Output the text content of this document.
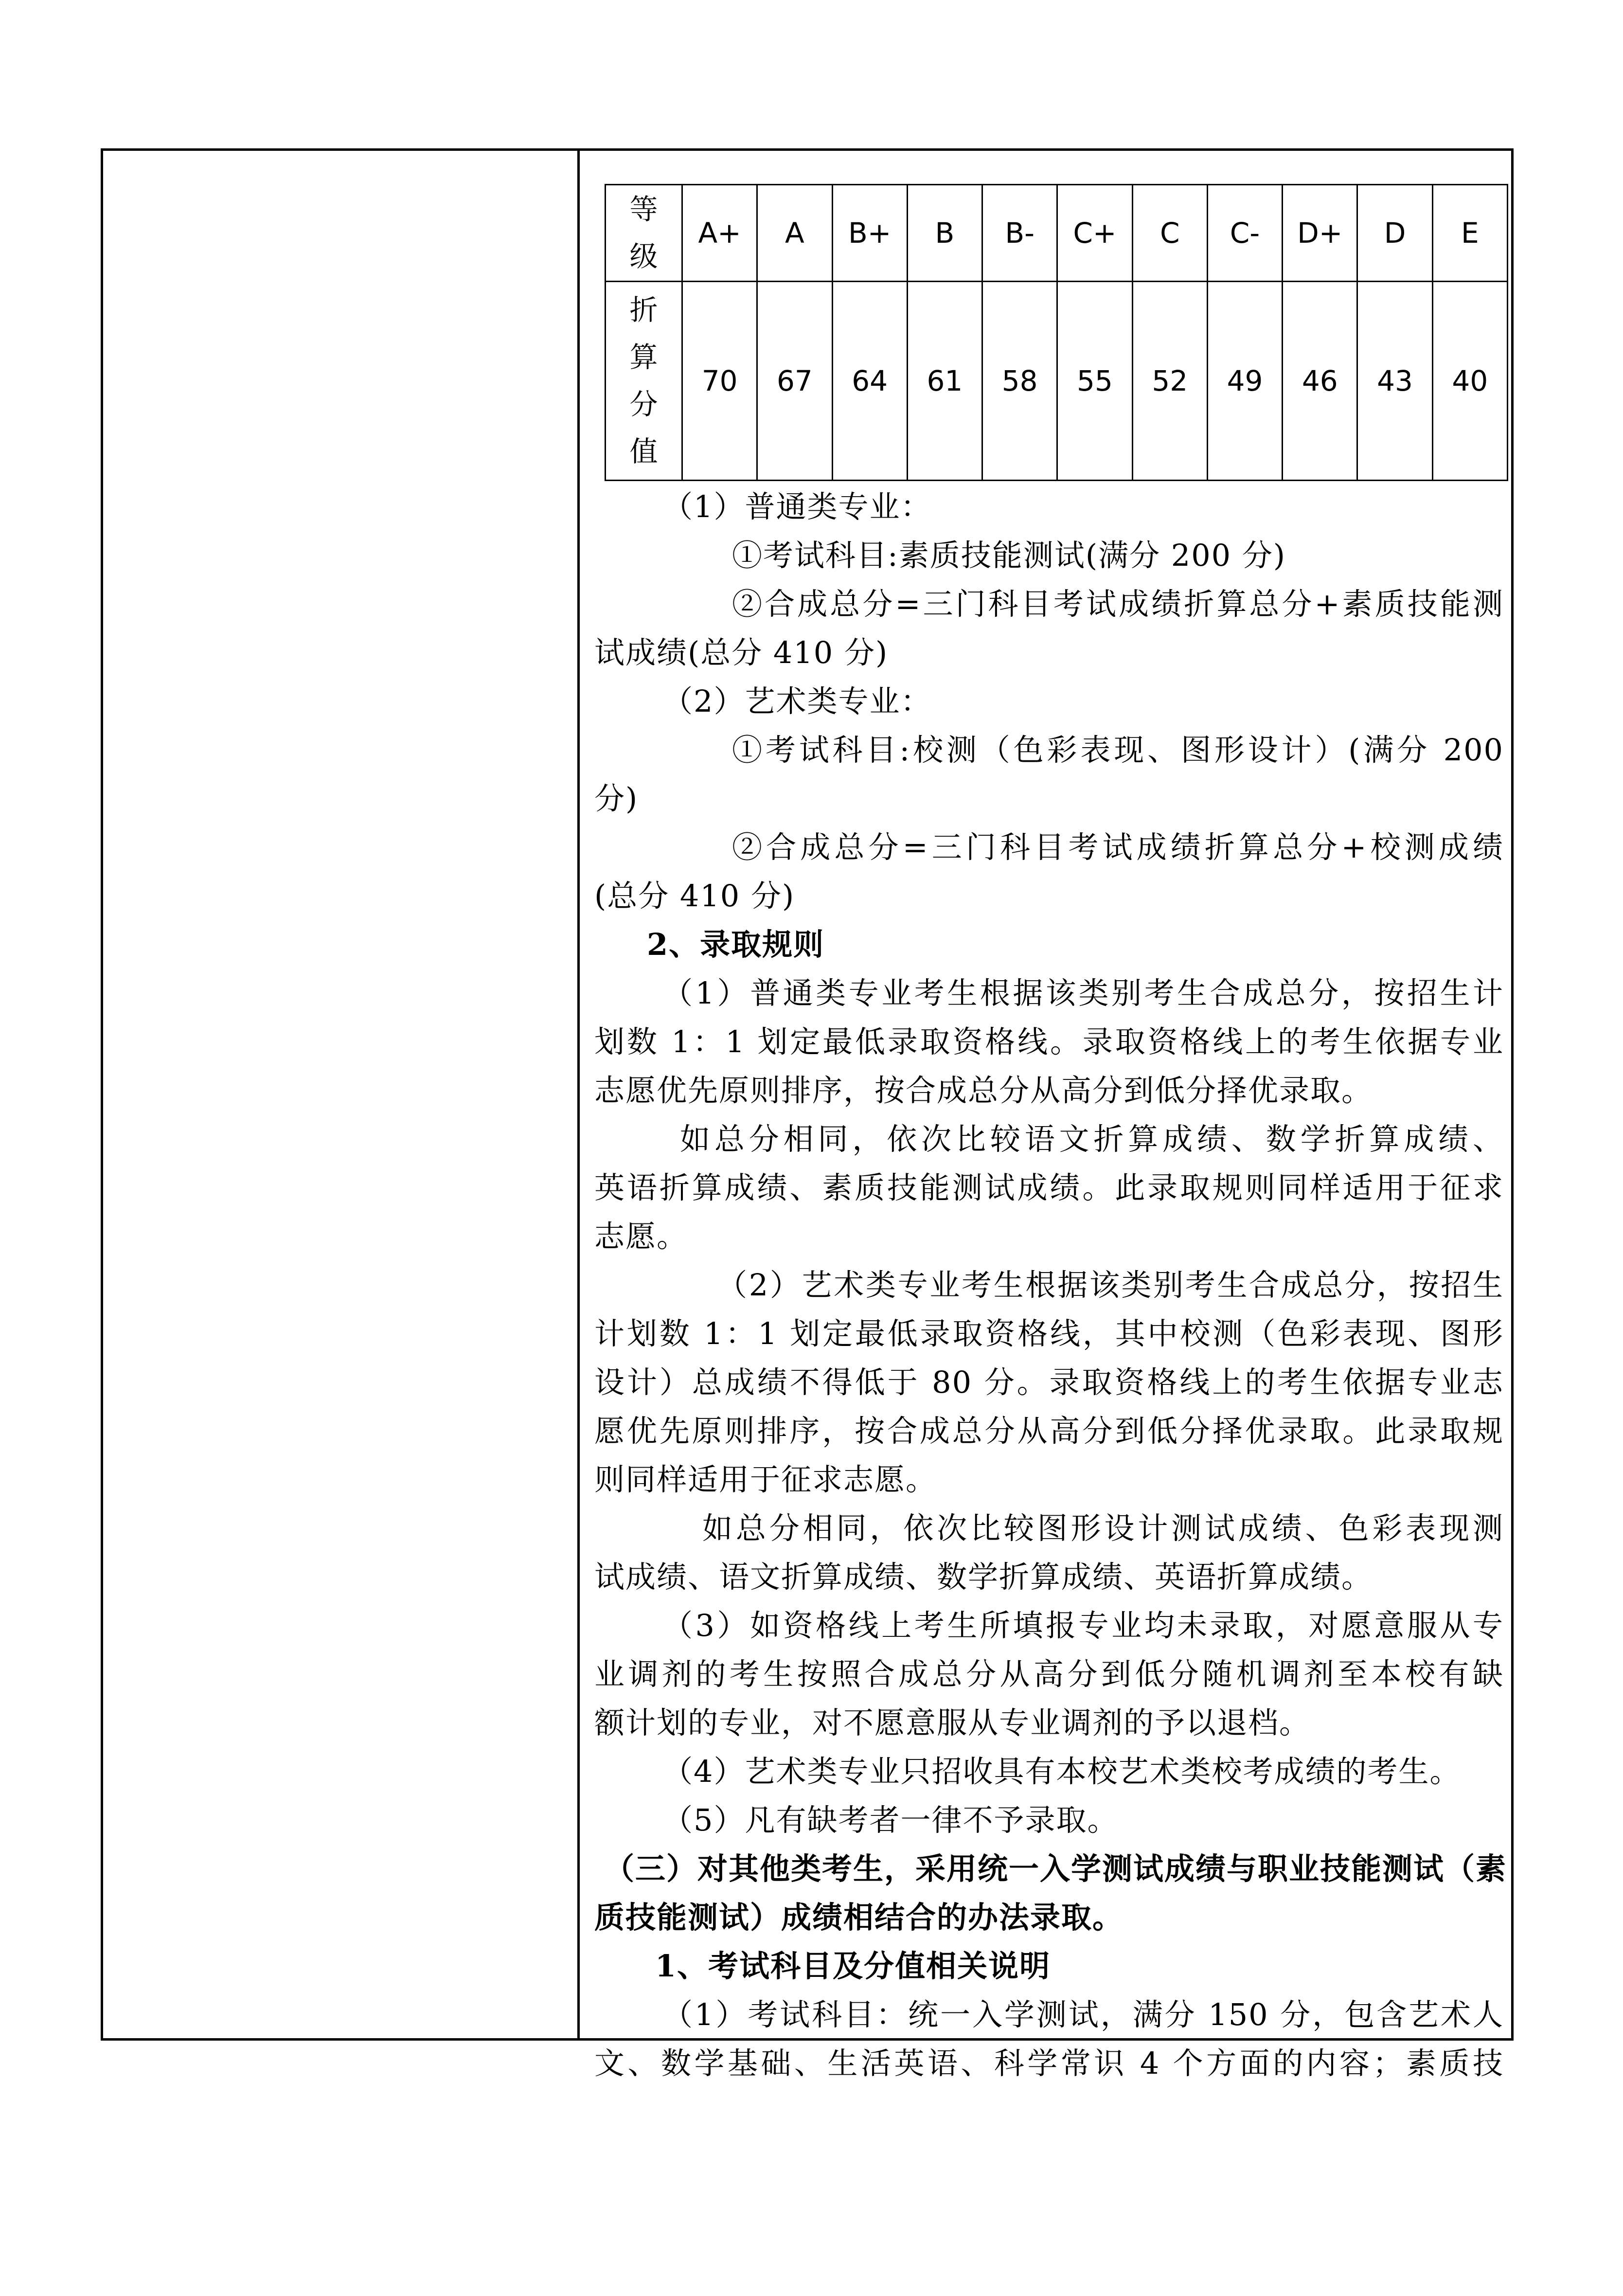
等
级	A+	A	B+	B	B-	C+	C	C-	D+	D	E

折
算
分
值	70	67	64	61	58	55	52	49	46	43	40
（1）普通类专业：
①考试科目:素质技能测试(满分 200 分)
②合成总分=三门科目考试成绩折算总分+素质技能测
试成绩(总分 410 分)
（2）艺术类专业：
①考试科目:校测（色彩表现、图形设计）(满分 200
分)
②合成总分=三门科目考试成绩折算总分+校测成绩
(总分 410 分)
2、录取规则
（1）普通类专业考生根据该类别考生合成总分，按招生计
划数 1：1 划定最低录取资格线。录取资格线上的考生依据专业
志愿优先原则排序，按合成总分从高分到低分择优录取。
如总分相同，依次比较语文折算成绩、数学折算成绩、
英语折算成绩、素质技能测试成绩。此录取规则同样适用于征求
志愿。
（2）艺术类专业考生根据该类别考生合成总分，按招生
计划数 1：1 划定最低录取资格线，其中校测（色彩表现、图形
设计）总成绩不得低于 80 分。录取资格线上的考生依据专业志
愿优先原则排序，按合成总分从高分到低分择优录取。此录取规
则同样适用于征求志愿。
如总分相同，依次比较图形设计测试成绩、色彩表现测
试成绩、语文折算成绩、数学折算成绩、英语折算成绩。
（3）如资格线上考生所填报专业均未录取，对愿意服从专
业调剂的考生按照合成总分从高分到低分随机调剂至本校有缺
额计划的专业，对不愿意服从专业调剂的予以退档。
（4）艺术类专业只招收具有本校艺术类校考成绩的考生。
（5）凡有缺考者一律不予录取。
（三）对其他类考生，采用统一入学测试成绩与职业技能测试（素
质技能测试）成绩相结合的办法录取。
1、考试科目及分值相关说明
（1）考试科目：统一入学测试，满分 150 分，包含艺术人
文、数学基础、生活英语、科学常识 4 个方面的内容；素质技
